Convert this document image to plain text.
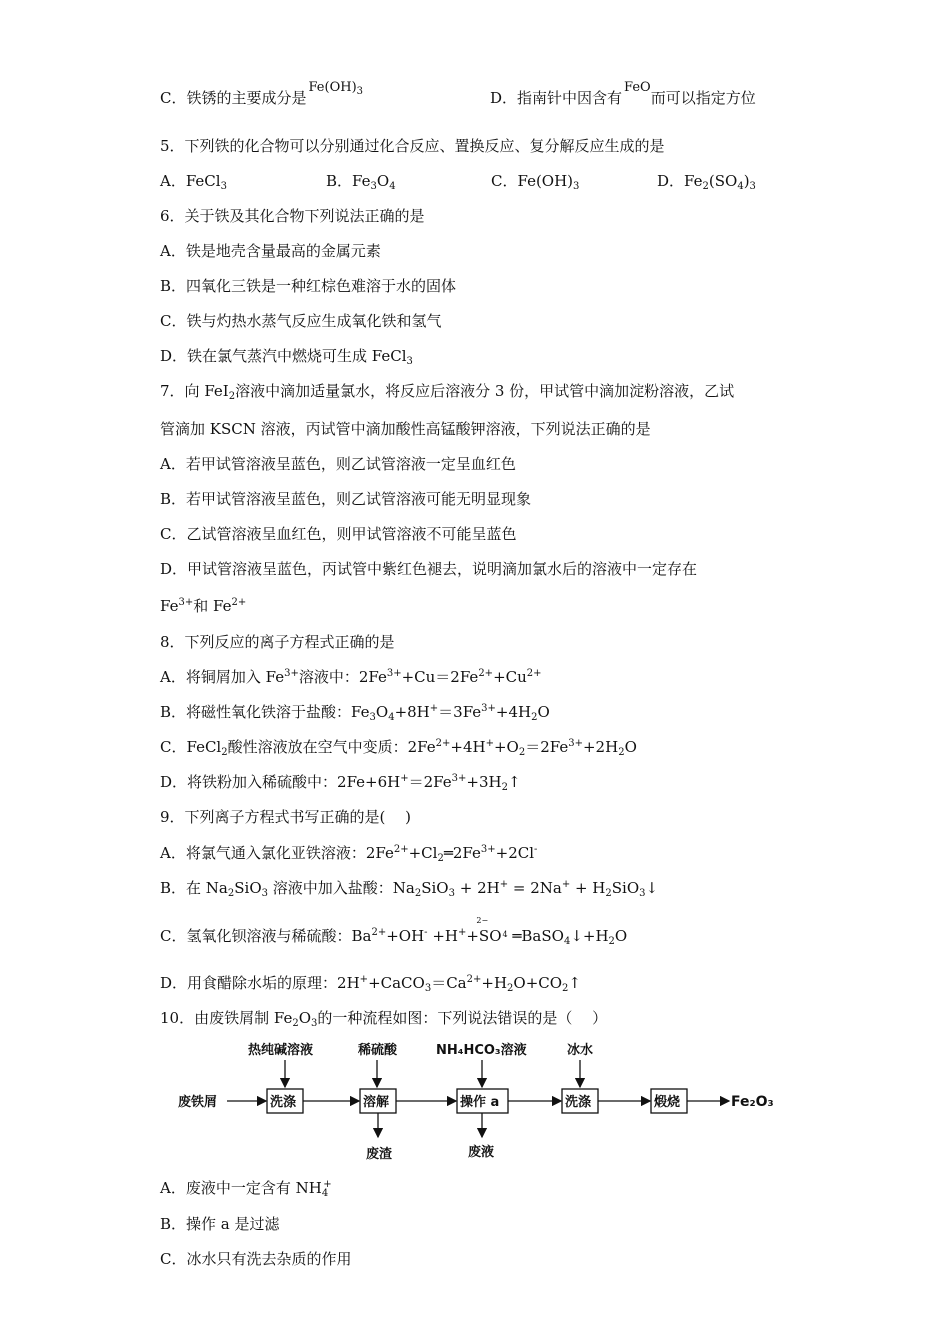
C．铁锈的主要成分是$Fe(OH)_3$	D．指南针中因含有FeO而可以指定方位
5．下列铁的化合物可以分别通过化合反应、置换反应、复分解反应生成的是
A．FeCl$_3$	B．$Fe_3O_4$	C．$Fe(OH)_3$	D．$Fe_2(SO_4)_3$
6．关于铁及其化合物下列说法正确的是
A．铁是地壳含量最高的金属元素
B．四氧化三铁是一种红棕色难溶于水的固体
C．铁与灼热水蒸气反应生成氧化铁和氢气
D．铁在氯气蒸汽中燃烧可生成 FeCl$_3$
7．向 FeI$_2$溶液中滴加适量氯水，将反应后溶液分 3 份，甲试管中滴加淀粉溶液，乙试
管滴加 KSCN 溶液，丙试管中滴加酸性高锰酸钾溶液，下列说法正确的是
A．若甲试管溶液呈蓝色，则乙试管溶液一定呈血红色
B．若甲试管溶液呈蓝色，则乙试管溶液可能无明显现象
C．乙试管溶液呈血红色，则甲试管溶液不可能呈蓝色
D．甲试管溶液呈蓝色，丙试管中紫红色褪去，说明滴加氯水后的溶液中一定存在
$Fe^{3+}$和 $Fe^{2+}$
8．下列反应的离子方程式正确的是
A．将铜屑加入 $Fe^{3+}$溶液中：$2Fe^{3+}+Cu=2Fe^{2+}+Cu^{2+}$
B．将磁性氧化铁溶于盐酸：$Fe_3O_4+8H^+=3Fe^{3+}+4H_2O$
C．FeCl$_2$酸性溶液放在空气中变质：$2Fe^{2+}+4H^++O_2=2Fe^{3+}+2H_2O$
D．将铁粉加入稀硫酸中：$2Fe+6H^+=2Fe^{3+}+3H_2↑$
9．下列离子方程式书写正确的是(　 )
A．将氯气通入氯化亚铁溶液：$2Fe^{2+}+Cl_2═2Fe^{3+}+2Cl^-$
B．在 $Na_2SiO_3$ 溶液中加入盐酸：$Na_2SiO_3 + 2H^+ = 2Na^+$ + $H_2SiO_3↓$
C．氢氧化钡溶液与稀硫酸：$Ba^{2+}+OH^- +H^++SO^4$
2−
$═BaSO_4↓+H_2O$
D．用食醋除水垢的原理：$2H^++CaCO_3=Ca^{2+}+H_2O+CO_2↑$
10．由废铁屑制 $Fe_2O_3$的一种流程如图：下列说法错误的是（　 ）
热纯碱溶液	稀硫酸	NH₄HCO₃溶液	冰水
废铁屑	洗涤	溶解	操作 a	洗涤	煅烧	Fe₂O₃
废渣	废液
A．废液中一定含有 $NH_4^+$
B．操作 a 是过滤
C．冰水只有洗去杂质的作用
